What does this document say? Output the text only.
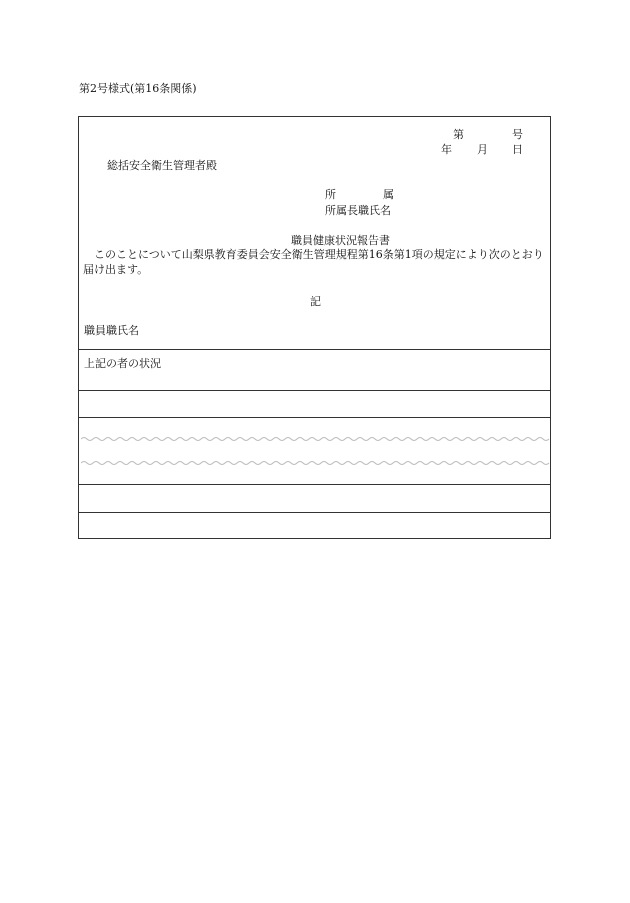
第2号様式(第16条関係)
第	号
年 月 日
総括安全衛生管理者殿
所	属
所属長職氏名
職員健康状況報告書
このことについて山梨県教育委員会安全衛生管理規程第16条第1項の規定により次のとおり届け出ます。
記
職員職氏名
上記の者の状況
